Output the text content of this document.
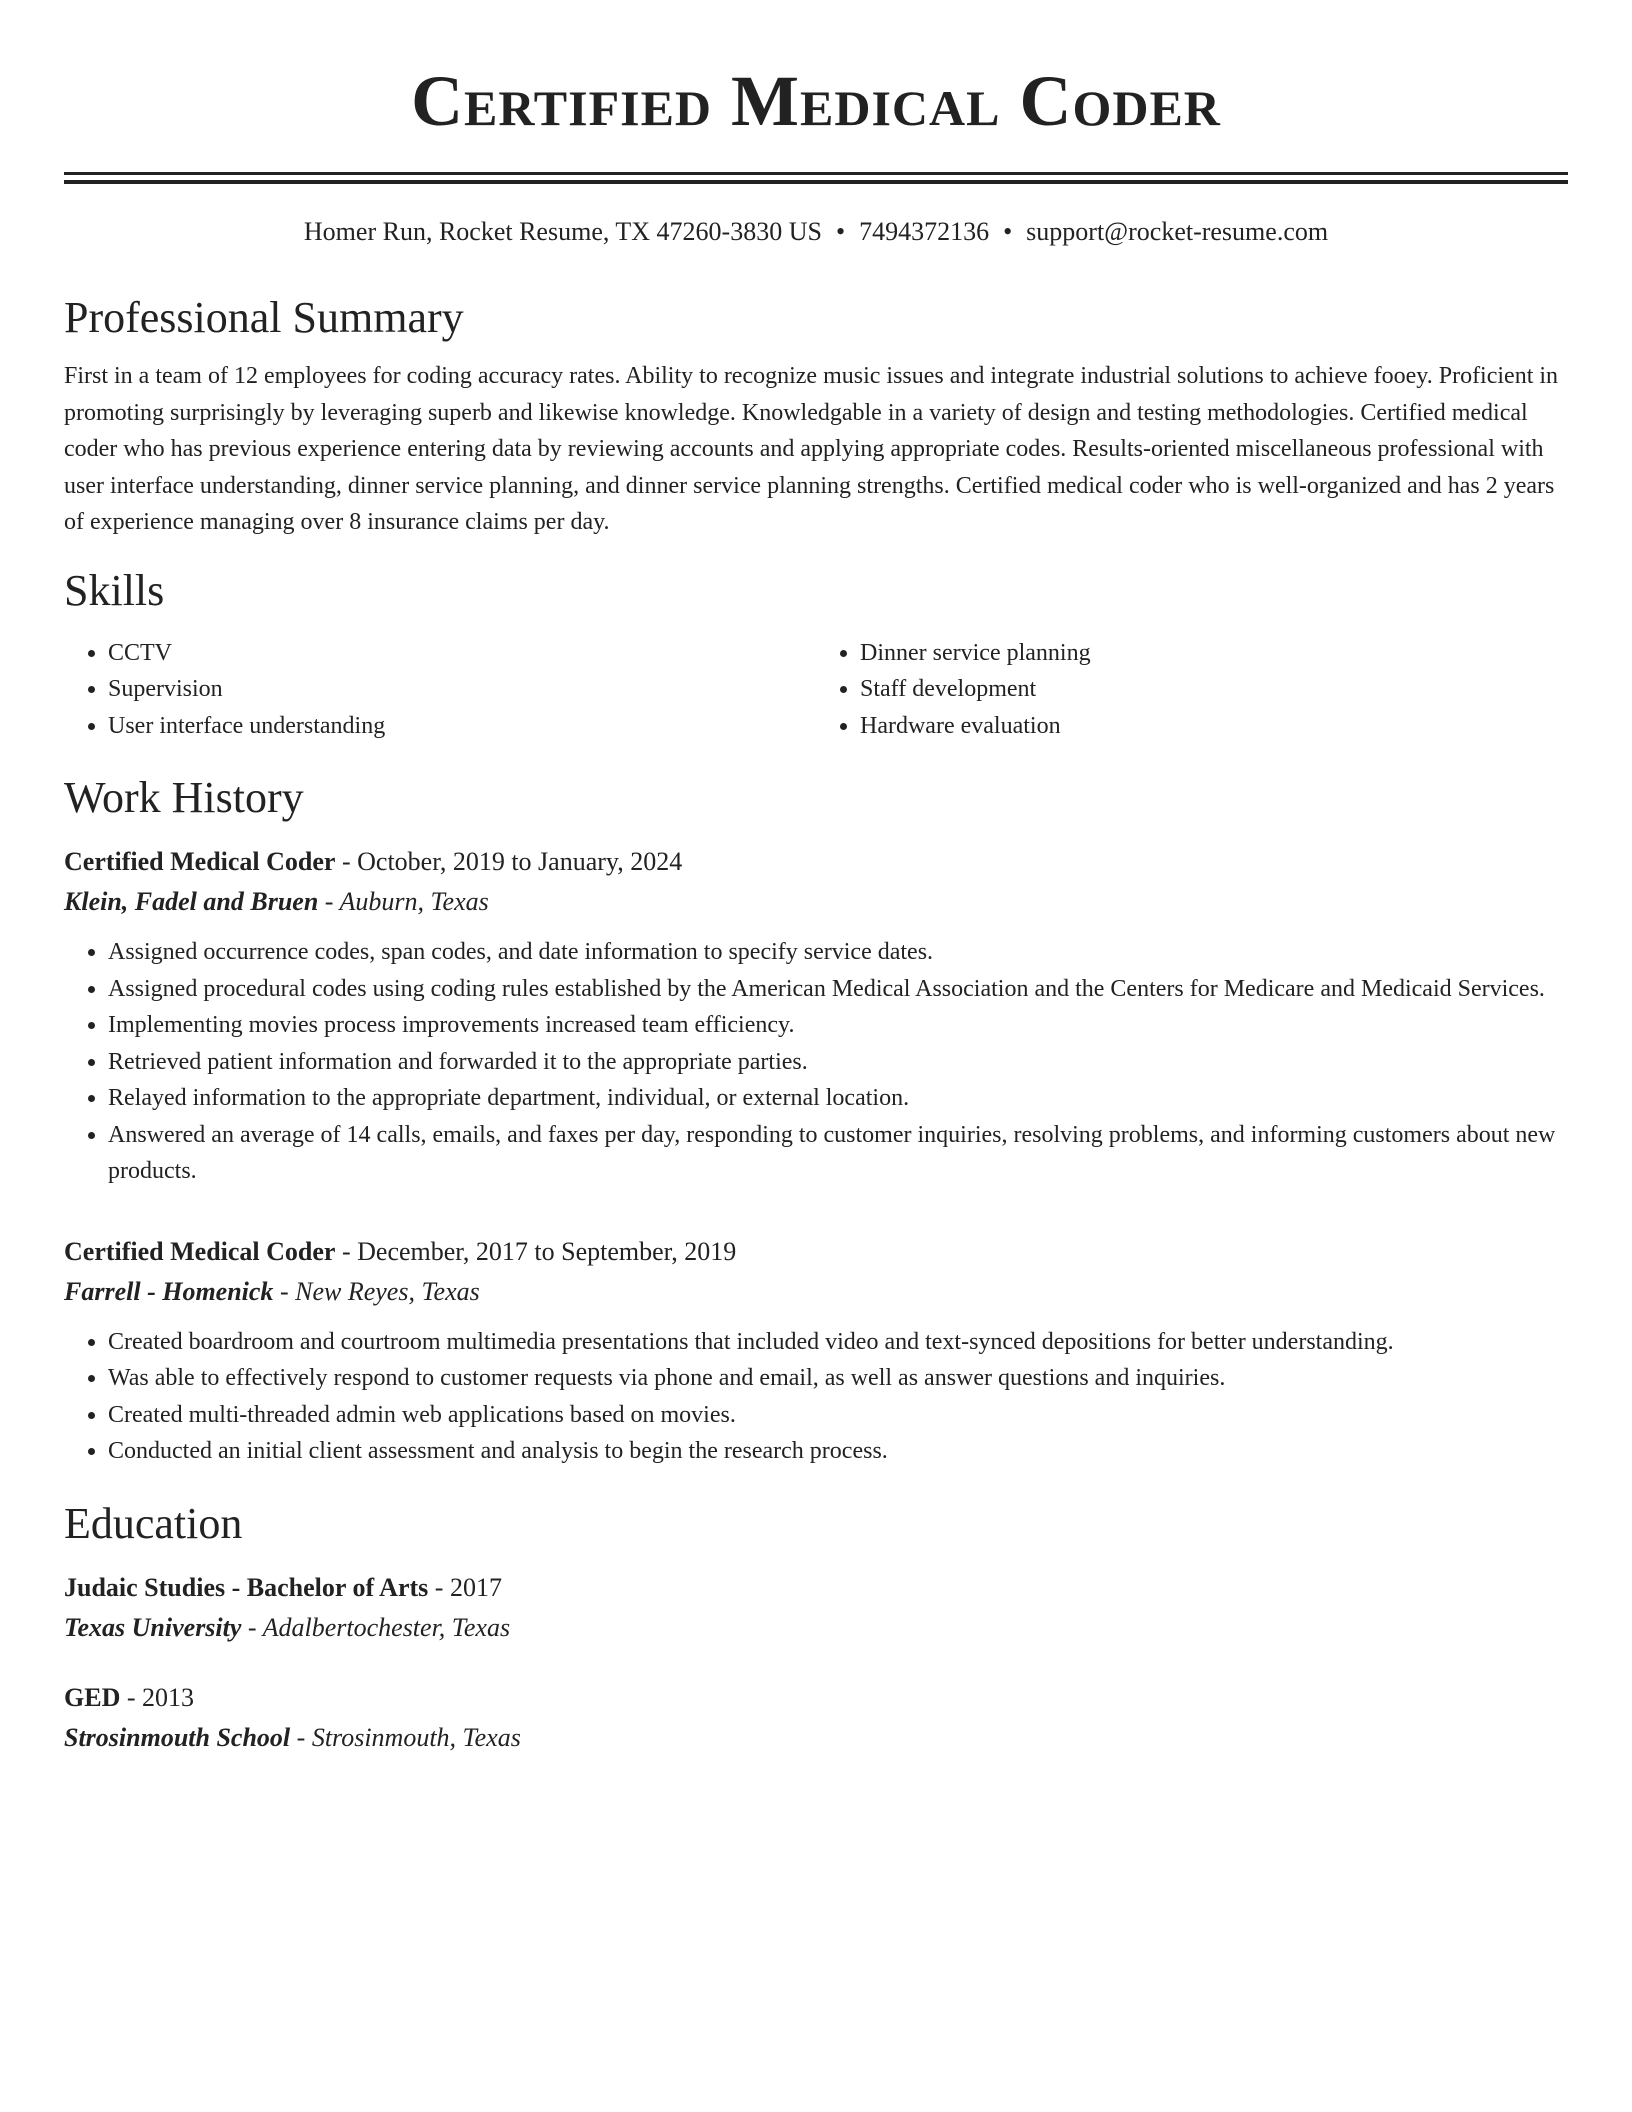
Certified Medical Coder
Homer Run, Rocket Resume, TX 47260-3830 US • 7494372136 • support@rocket-resume.com
Professional Summary

First in a team of 12 employees for coding accuracy rates. Ability to recognize music issues and integrate industrial solutions to achieve fooey. Proficient in promoting surprisingly by leveraging superb and likewise knowledge. Knowledgable in a variety of design and testing methodologies. Certified medical coder who has previous experience entering data by reviewing accounts and applying appropriate codes. Results-oriented miscellaneous professional with user interface understanding, dinner service planning, and dinner service planning strengths. Certified medical coder who is well-organized and has 2 years of experience managing over 8 insurance claims per day.

Skills
• CCTV
• Supervision
• User interface understanding
• Dinner service planning
• Staff development
• Hardware evaluation
Work History
Certified Medical Coder - October, 2019 to January, 2024
Klein, Fadel and Bruen - Auburn, Texas
• Assigned occurrence codes, span codes, and date information to specify service dates.
• Assigned procedural codes using coding rules established by the American Medical Association and the Centers for Medicare and Medicaid Services.
• Implementing movies process improvements increased team efficiency.
• Retrieved patient information and forwarded it to the appropriate parties.
• Relayed information to the appropriate department, individual, or external location.
• Answered an average of 14 calls, emails, and faxes per day, responding to customer inquiries, resolving problems, and informing customers about new products.
Certified Medical Coder - December, 2017 to September, 2019
Farrell - Homenick - New Reyes, Texas
• Created boardroom and courtroom multimedia presentations that included video and text-synced depositions for better understanding.
• Was able to effectively respond to customer requests via phone and email, as well as answer questions and inquiries.
• Created multi-threaded admin web applications based on movies.
• Conducted an initial client assessment and analysis to begin the research process.
Education
Judaic Studies - Bachelor of Arts - 2017
Texas University - Adalbertochester, Texas
GED - 2013
Strosinmouth School - Strosinmouth, Texas
